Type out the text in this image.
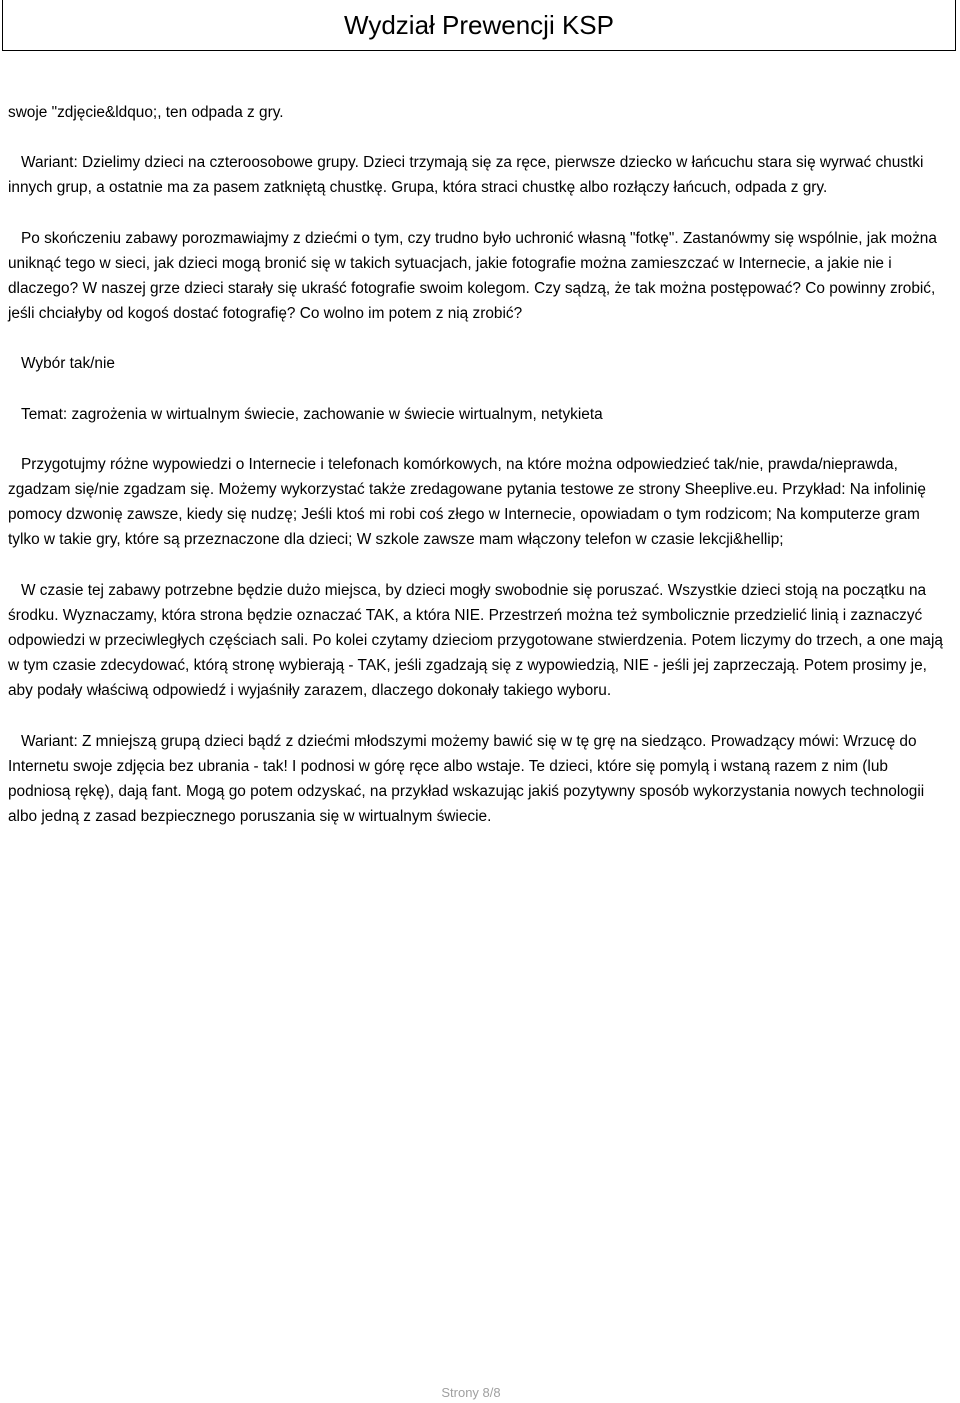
Wydział Prewencji KSP

swoje "zdjęcie&ldquo;, ten odpada z gry.

Wariant: Dzielimy dzieci na czteroosobowe grupy. Dzieci trzymają się za ręce, pierwsze dziecko w łańcuchu stara się wyrwać chustki innych grup, a ostatnie ma za pasem zatkniętą chustkę. Grupa, która straci chustkę albo rozłączy łańcuch, odpada z gry.

Po skończeniu zabawy porozmawiajmy z dziećmi o tym, czy trudno było uchronić własną "fotkę". Zastanówmy się wspólnie, jak można uniknąć tego w sieci, jak dzieci mogą bronić się w takich sytuacjach, jakie fotografie można zamieszczać w Internecie, a jakie nie i dlaczego? W naszej grze dzieci starały się ukraść fotografie swoim kolegom. Czy sądzą, że tak można postępować? Co powinny zrobić, jeśli chciałyby od kogoś dostać fotografię? Co wolno im potem z nią zrobić?

Wybór tak/nie

Temat: zagrożenia w wirtualnym świecie, zachowanie w świecie wirtualnym, netykieta

Przygotujmy różne wypowiedzi o Internecie i telefonach komórkowych, na które można odpowiedzieć tak/nie, prawda/nieprawda, zgadzam się/nie zgadzam się. Możemy wykorzystać także zredagowane pytania testowe ze strony Sheeplive.eu. Przykład: Na infolinię pomocy dzwonię zawsze, kiedy się nudzę; Jeśli ktoś mi robi coś złego w Internecie, opowiadam o tym rodzicom; Na komputerze gram tylko w takie gry, które są przeznaczone dla dzieci; W szkole zawsze mam włączony telefon w czasie lekcji&hellip;

W czasie tej zabawy potrzebne będzie dużo miejsca, by dzieci mogły swobodnie się poruszać. Wszystkie dzieci stoją na początku na środku. Wyznaczamy, która strona będzie oznaczać TAK, a która NIE. Przestrzeń można też symbolicznie przedzielić linią i zaznaczyć odpowiedzi w przeciwległych częściach sali. Po kolei czytamy dzieciom przygotowane stwierdzenia. Potem liczymy do trzech, a one mają w tym czasie zdecydować, którą stronę wybierają - TAK, jeśli zgadzają się z wypowiedzią, NIE - jeśli jej zaprzeczają. Potem prosimy je, aby podały właściwą odpowiedź i wyjaśniły zarazem, dlaczego dokonały takiego wyboru.

Wariant: Z mniejszą grupą dzieci bądź z dziećmi młodszymi możemy bawić się w tę grę na siedząco. Prowadzący mówi: Wrzucę do Internetu swoje zdjęcia bez ubrania - tak! I podnosi w górę ręce albo wstaje. Te dzieci, które się pomylą i wstaną razem z nim (lub podniosą rękę), dają fant. Mogą go potem odzyskać, na przykład wskazując jakiś pozytywny sposób wykorzystania nowych technologii albo jedną z zasad bezpiecznego poruszania się w wirtualnym świecie.

Strony 8/8
